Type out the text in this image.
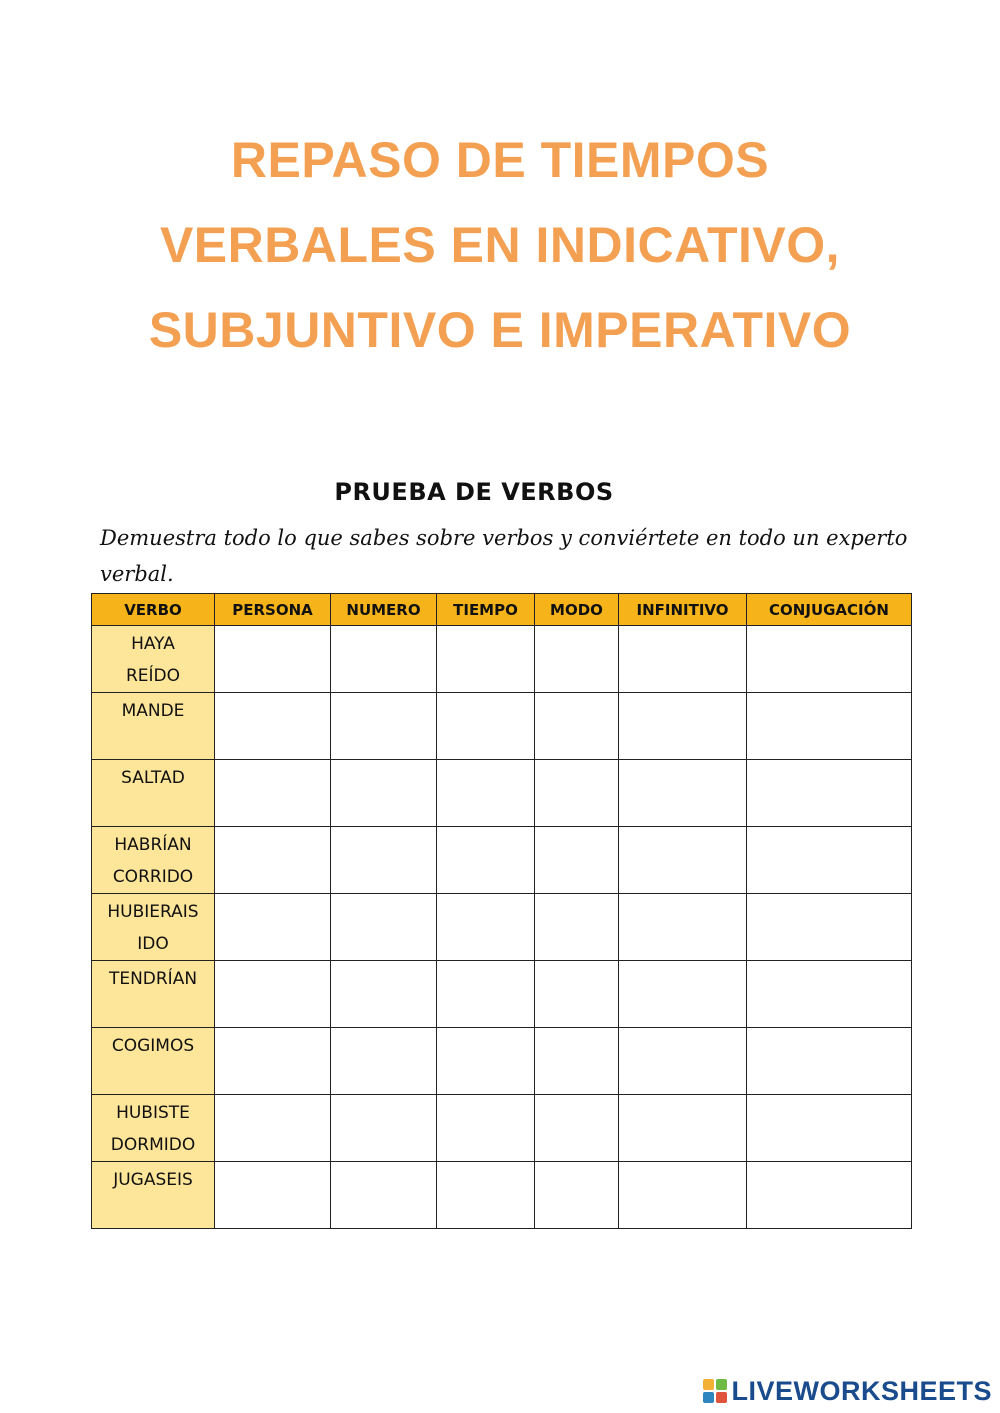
REPASO DE TIEMPOS
VERBALES EN INDICATIVO,
SUBJUNTIVO E IMPERATIVO
PRUEBA DE VERBOS
Demuestra todo lo que sabes sobre verbos y conviértete en todo un experto verbal.
VERBO	PERSONA	NUMERO	TIEMPO	MODO	INFINITIVO	CONJUGACIÓN

HAYA
REÍDO						

MANDE						

SALTAD						

HABRÍAN
CORRIDO						

HUBIERAIS
IDO						

TENDRÍAN						

COGIMOS						

HUBISTE
DORMIDO						

JUGASEIS						

LIVEWORKSHEETS
